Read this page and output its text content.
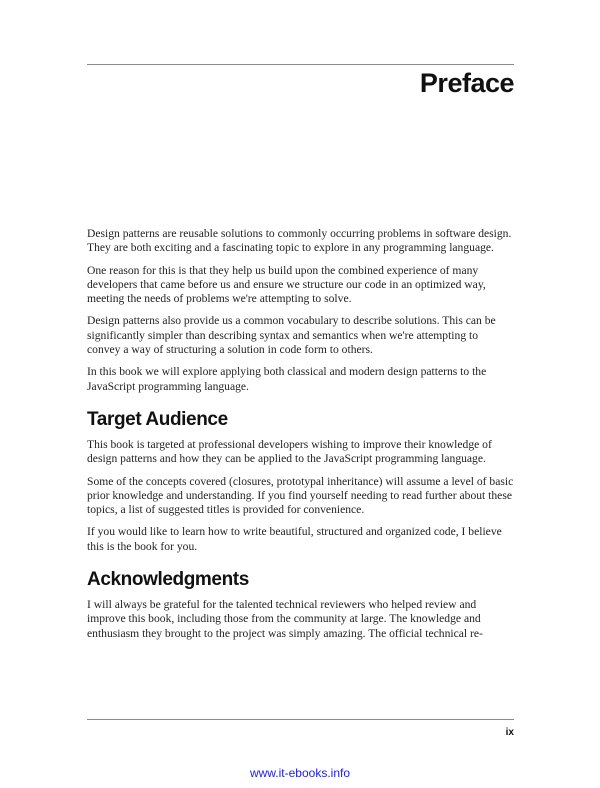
Preface

Design patterns are reusable solutions to commonly occurring problems in software design. They are both exciting and a fascinating topic to explore in any programming language.

One reason for this is that they help us build upon the combined experience of many developers that came before us and ensure we structure our code in an optimized way, meeting the needs of problems we're attempting to solve.

Design patterns also provide us a common vocabulary to describe solutions. This can be significantly simpler than describing syntax and semantics when we're attempting to convey a way of structuring a solution in code form to others.

In this book we will explore applying both classical and modern design patterns to the JavaScript programming language.

Target Audience

This book is targeted at professional developers wishing to improve their knowledge of design patterns and how they can be applied to the JavaScript programming language.

Some of the concepts covered (closures, prototypal inheritance) will assume a level of basic prior knowledge and understanding. If you find yourself needing to read further about these topics, a list of suggested titles is provided for convenience.

If you would like to learn how to write beautiful, structured and organized code, I believe this is the book for you.

Acknowledgments

I will always be grateful for the talented technical reviewers who helped review and improve this book, including those from the community at large. The knowledge and enthusiasm they brought to the project was simply amazing. The official technical re-

ix
www.it-ebooks.info
